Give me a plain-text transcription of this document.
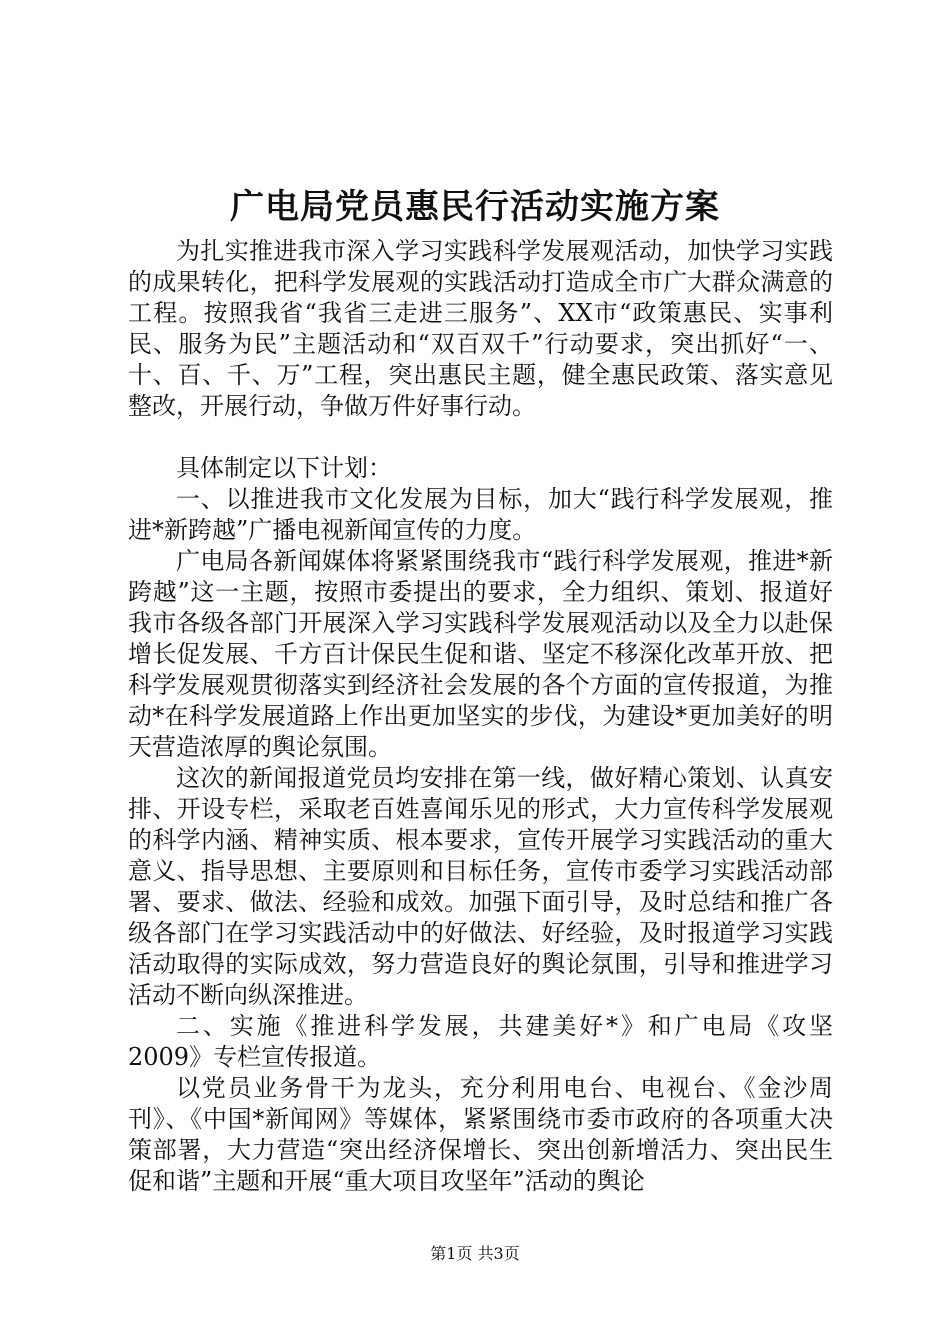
广电局党员惠民行活动实施方案

为扎实推进我市深入学习实践科学发展观活动，加快学习实践的成果转化，把科学发展观的实践活动打造成全市广大群众满意的工程。按照我省“我省三走进三服务”、XX市“政策惠民、实事利民、服务为民”主题活动和“双百双千”行动要求，突出抓好“一、十、百、千、万”工程，突出惠民主题，健全惠民政策、落实意见整改，开展行动，争做万件好事行动。

具体制定以下计划：

一、以推进我市文化发展为目标，加大“践行科学发展观，推进*新跨越”广播电视新闻宣传的力度。

广电局各新闻媒体将紧紧围绕我市“践行科学发展观，推进*新跨越”这一主题，按照市委提出的要求，全力组织、策划、报道好我市各级各部门开展深入学习实践科学发展观活动以及全力以赴保增长促发展、千方百计保民生促和谐、坚定不移深化改革开放、把科学发展观贯彻落实到经济社会发展的各个方面的宣传报道，为推动*在科学发展道路上作出更加坚实的步伐，为建设*更加美好的明天营造浓厚的舆论氛围。

这次的新闻报道党员均安排在第一线，做好精心策划、认真安排、开设专栏，采取老百姓喜闻乐见的形式，大力宣传科学发展观的科学内涵、精神实质、根本要求，宣传开展学习实践活动的重大意义、指导思想、主要原则和目标任务，宣传市委学习实践活动部署、要求、做法、经验和成效。加强下面引导，及时总结和推广各级各部门在学习实践活动中的好做法、好经验，及时报道学习实践活动取得的实际成效，努力营造良好的舆论氛围，引导和推进学习活动不断向纵深推进。

二、实施《推进科学发展，共建美好*》和广电局《攻坚2009》专栏宣传报道。

以党员业务骨干为龙头，充分利用电台、电视台、《金沙周刊》、《中国*新闻网》等媒体，紧紧围绕市委市政府的各项重大决策部署，大力营造“突出经济保增长、突出创新增活力、突出民生促和谐”主题和开展“重大项目攻坚年”活动的舆论

第1页 共3页
